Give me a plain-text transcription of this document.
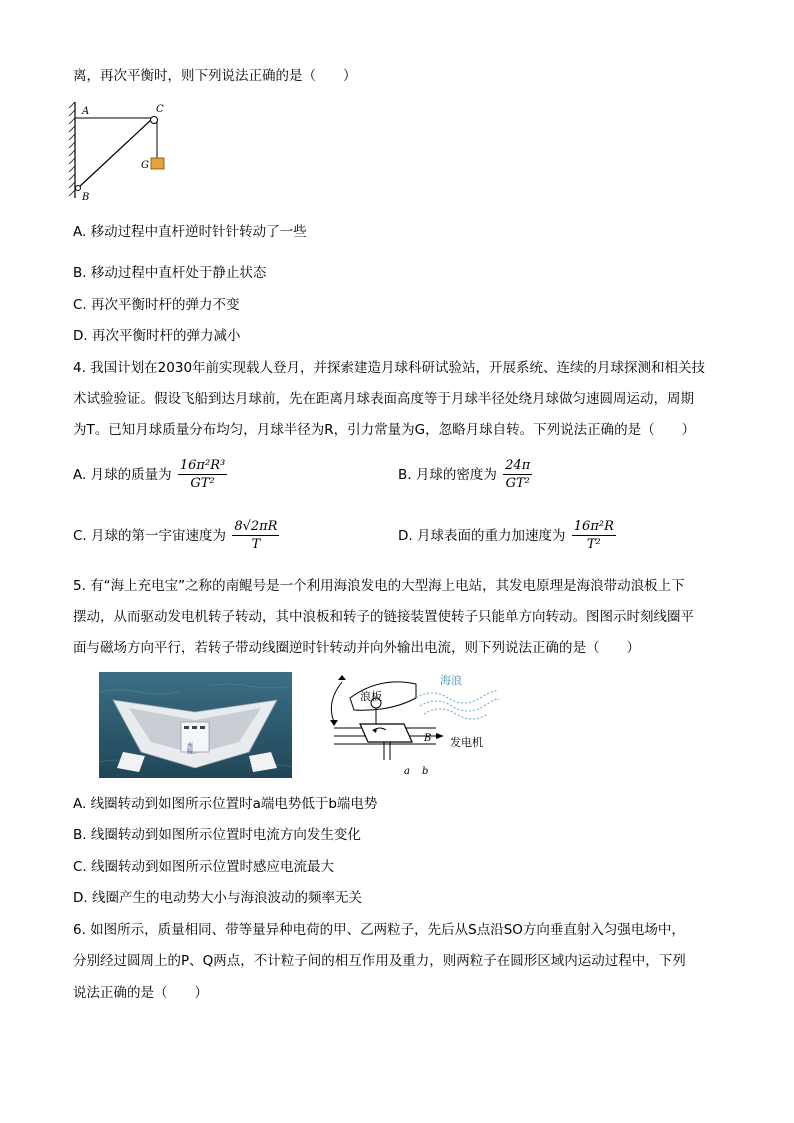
离，再次平衡时，则下列说法正确的是（　　）
A	C
G
B
A. 移动过程中直杆逆时针针转动了一些
B. 移动过程中直杆处于静止状态
C. 再次平衡时杆的弹力不变
D. 再次平衡时杆的弹力减小
4. 我国计划在2030年前实现载人登月，并探索建造月球科研试验站，开展系统、连续的月球探测和相关技
术试验验证。假设飞船到达月球前，先在距离月球表面高度等于月球半径处绕月球做匀速圆周运动，周期
为T。已知月球质量分布均匀，月球半径为R，引力常量为G，忽略月球自转。下列说法正确的是（　　）
A. 月球的质量为 $\frac{\text{16π²R³}}{\text{GT²}}$	B. 月球的密度为 $\frac{24\pi}{\text{GT²}}$
C. 月球的第一宇宙速度为 $\frac{8√2\pi R}{T}$	D. 月球表面的重力加速度为 $\frac{\text{16π²R}}{\text{T²}}$
5. 有“海上充电宝”之称的南鲲号是一个利用海浪发电的大型海上电站，其发电原理是海浪带动浪板上下
摆动，从而驱动发电机转子转动，其中浪板和转子的链接装置使转子只能单方向转动。图图示时刻线圈平
面与磁场方向平行，若转子带动线圈逆时针转动并向外输出电流，则下列说法正确的是（　　）
南鲲
浪板
海浪
B 发电机
a b
A. 线圈转动到如图所示位置时a端电势低于b端电势
B. 线圈转动到如图所示位置时电流方向发生变化
C. 线圈转动到如图所示位置时感应电流最大
D. 线圈产生的电动势大小与海浪波动的频率无关
6. 如图所示，质量相同、带等量异种电荷的甲、乙两粒子，先后从S点沿SO方向垂直射入匀强电场中，
分别经过圆周上的P、Q两点，不计粒子间的相互作用及重力，则两粒子在圆形区域内运动过程中，下列
说法正确的是（　　）
